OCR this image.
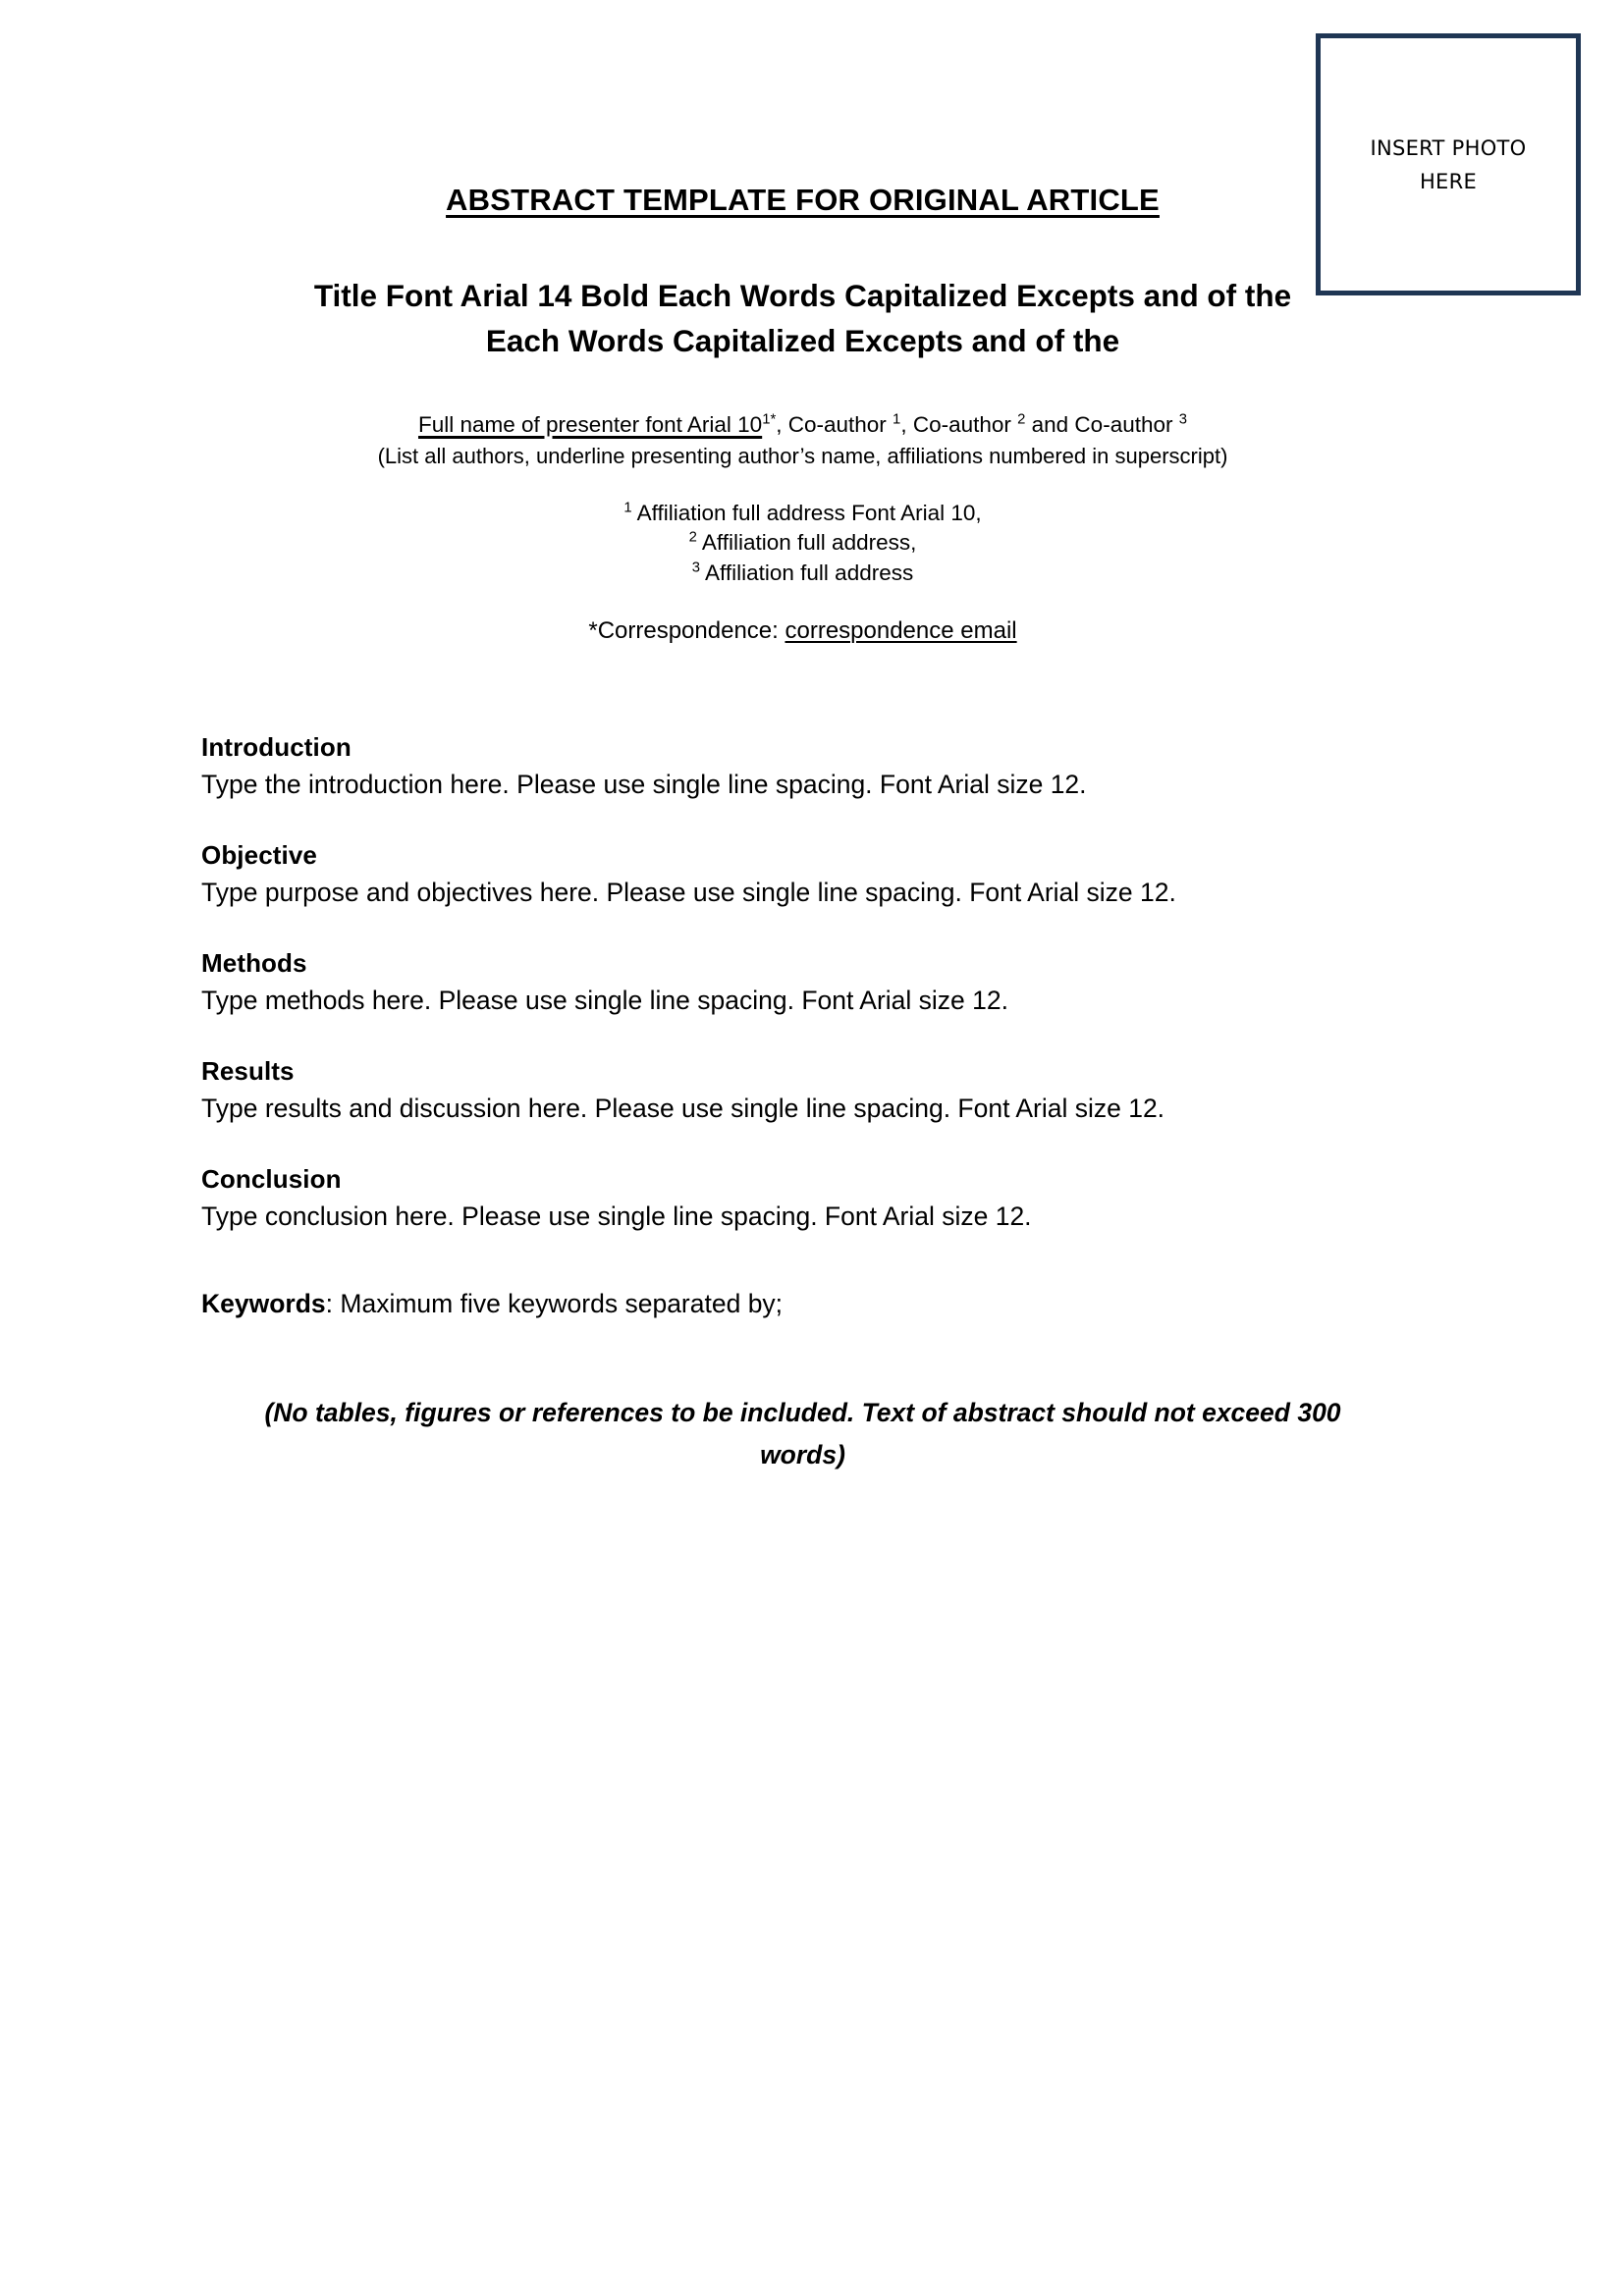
INSERT PHOTO
HERE
ABSTRACT TEMPLATE FOR ORIGINAL ARTICLE
Title Font Arial 14 Bold Each Words Capitalized Excepts and of the
Each Words Capitalized Excepts and of the
Full name of presenter font Arial $10^{1*}$, Co-author $^1$, Co-author $^2$ and Co-author $^3$
(List all authors, underline presenting author’s name, affiliations numbered in superscript)
$^1$ Affiliation full address Font Arial 10,
$^2$ Affiliation full address,
$^3$ Affiliation full address
*Correspondence: correspondence email
Introduction

Type the introduction here. Please use single line spacing. Font Arial size 12.

Objective

Type purpose and objectives here. Please use single line spacing. Font Arial size 12.

Methods

Type methods here. Please use single line spacing. Font Arial size 12.

Results

Type results and discussion here. Please use single line spacing. Font Arial size 12.

Conclusion

Type conclusion here. Please use single line spacing. Font Arial size 12.

Keywords: Maximum five keywords separated by;
(No tables, figures or references to be included. Text of abstract should not exceed 300 words)
